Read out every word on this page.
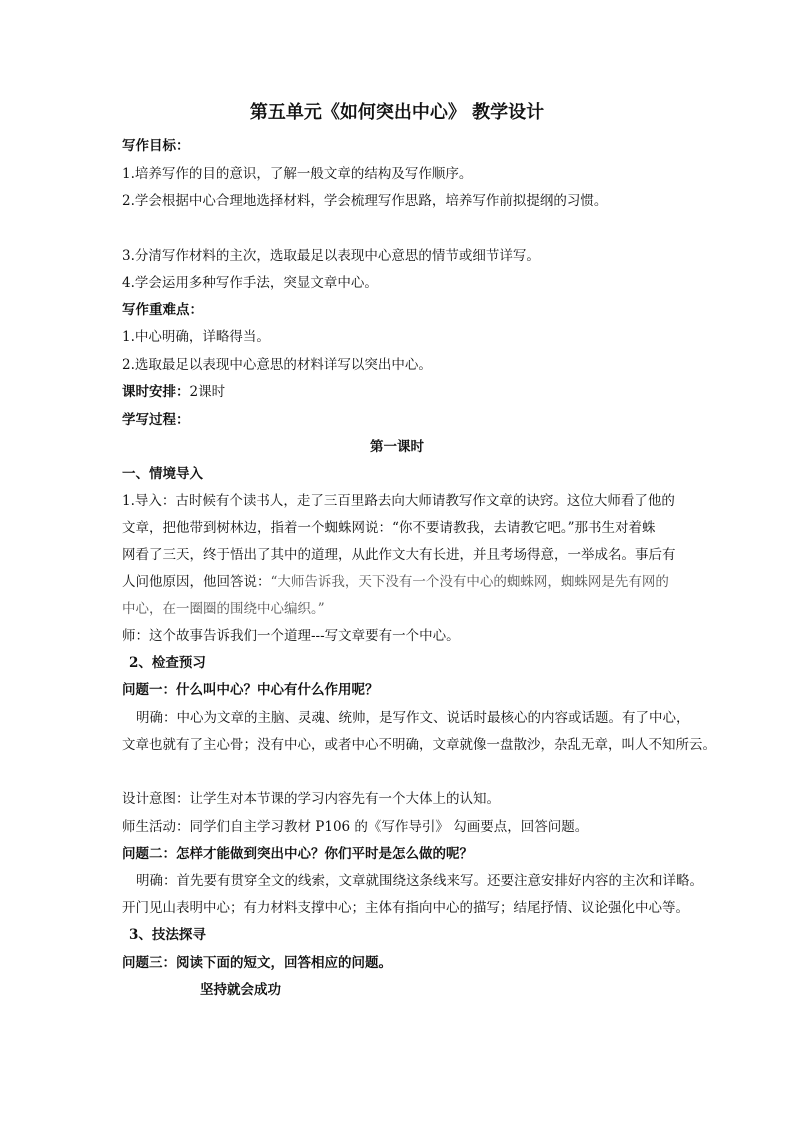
第五单元《如何突出中心》 教学设计
写作目标：
1.培养写作的目的意识，了解一般文章的结构及写作顺序。
2.学会根据中心合理地选择材料，学会梳理写作思路，培养写作前拟提纲的习惯。
3.分清写作材料的主次，选取最足以表现中心意思的情节或细节详写。
4.学会运用多种写作手法，突显文章中心。
写作重难点：
1.中心明确，详略得当。
2.选取最足以表现中心意思的材料详写以突出中心。
课时安排：2课时
学写过程：
第一课时
一、情境导入
1.导入：古时候有个读书人，走了三百里路去向大师请教写作文章的诀窍。这位大师看了他的
文章，把他带到树林边，指着一个蜘蛛网说：“你不要请教我，去请教它吧。”那书生对着蛛
网看了三天，终于悟出了其中的道理，从此作文大有长进，并且考场得意，一举成名。事后有
人问他原因，他回答说：“大师告诉我，天下没有一个没有中心的蜘蛛网，蜘蛛网是先有网的
中心，在一圈圈的围绕中心编织。”
师：这个故事告诉我们一个道理---写文章要有一个中心。
2、检查预习
问题一：什么叫中心？中心有什么作用呢？
明确：中心为文章的主脑、灵魂、统帅，是写作文、说话时最核心的内容或话题。有了中心，
文章也就有了主心骨；没有中心，或者中心不明确，文章就像一盘散沙，杂乱无章，叫人不知所云。
设计意图：让学生对本节课的学习内容先有一个大体上的认知。
师生活动：同学们自主学习教材 P106 的《写作导引》 勾画要点，回答问题。
问题二：怎样才能做到突出中心？你们平时是怎么做的呢？
明确：首先要有贯穿全文的线索，文章就围绕这条线来写。还要注意安排好内容的主次和详略。
开门见山表明中心；有力材料支撑中心；主体有指向中心的描写；结尾抒情、议论强化中心等。
3、技法探寻
问题三：阅读下面的短文，回答相应的问题。
坚持就会成功
